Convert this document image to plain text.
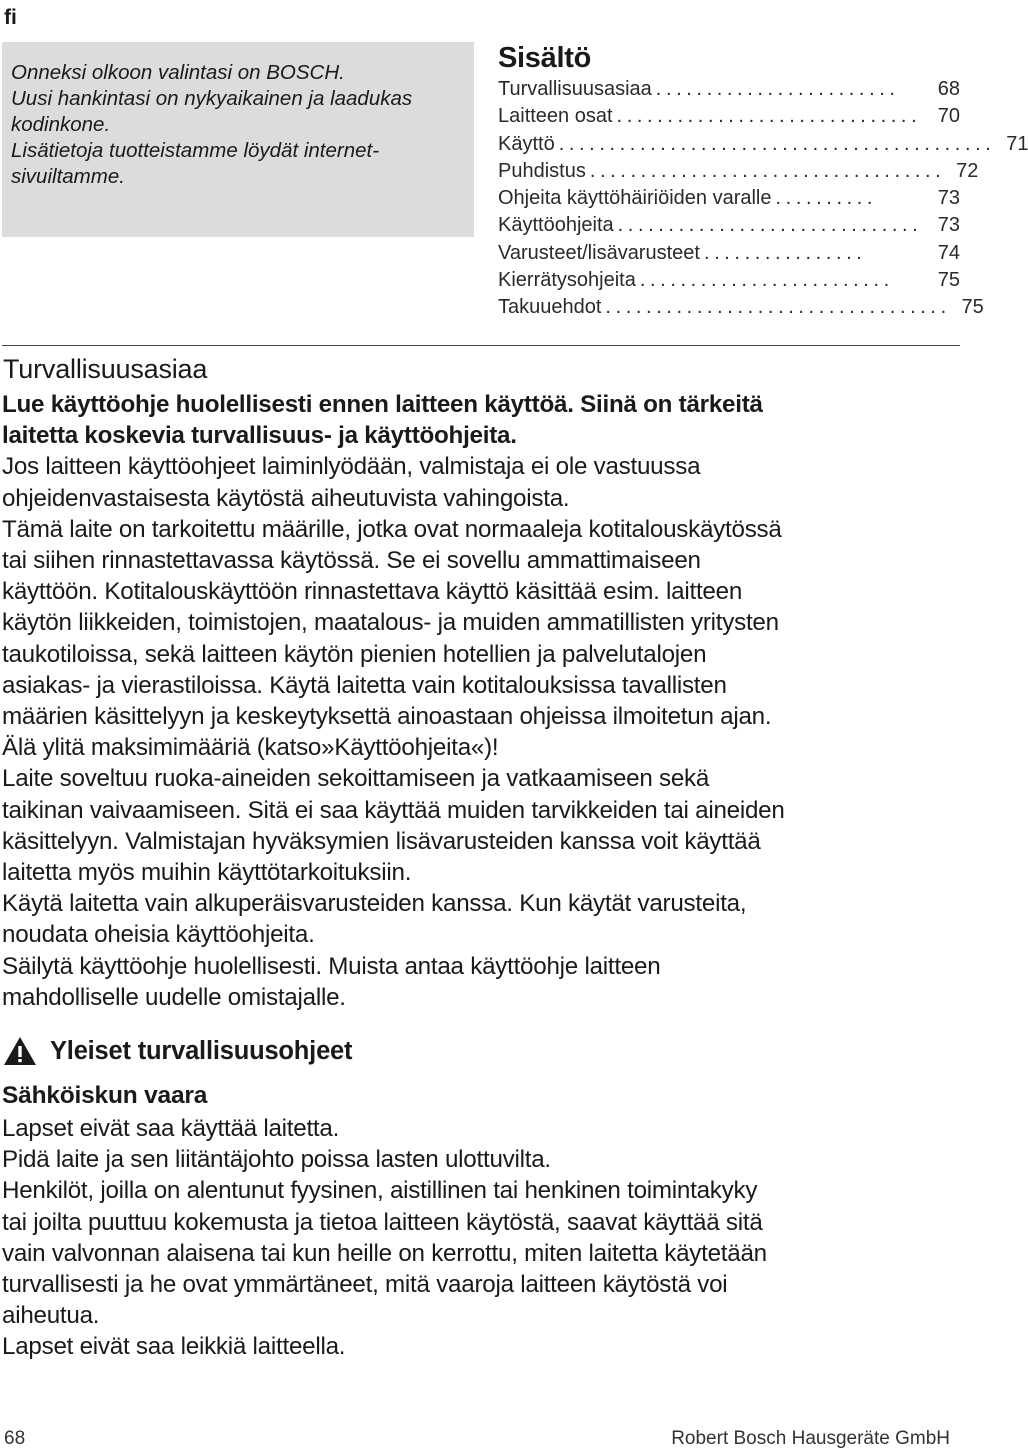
fi
Onneksi olkoon valintasi on BOSCH.
Uusi hankintasi on nykyaikainen ja laadukas
kodinkone.
Lisätietoja tuotteistamme löydät internet-
sivuiltamme.
Sisältö
Turvallisuusasiaa ........................	68
Laitteen osat .............................. 70
Käyttö ........................................... 71
Puhdistus ................................... 72
Ohjeita käyttöhäiriöiden varalle ..........	73
Käyttöohjeita .............................. 73
Varusteet/lisävarusteet ................	74
Kierrätysohjeita .........................	75
Takuuehdot .................................. 75
Turvallisuusasiaa

Lue käyttöohje huolellisesti ennen laitteen käyttöä. Siinä on tärkeitä

laitetta koskevia turvallisuus- ja käyttöohjeita.

Jos laitteen käyttöohjeet laiminlyödään, valmistaja ei ole vastuussa

ohjeidenvastaisesta käytöstä aiheutuvista vahingoista.

Tämä laite on tarkoitettu määrille, jotka ovat normaaleja kotitalouskäytössä

tai siihen rinnastettavassa käytössä. Se ei sovellu ammattimaiseen

käyttöön. Kotitalouskäyttöön rinnastettava käyttö käsittää esim. laitteen

käytön liikkeiden, toimistojen, maatalous- ja muiden ammatillisten yritysten

taukotiloissa, sekä laitteen käytön pienien hotellien ja palvelutalojen

asiakas- ja vierastiloissa. Käytä laitetta vain kotitalouksissa tavallisten

määrien käsittelyyn ja keskeytyksettä ainoastaan ohjeissa ilmoitetun ajan.

Älä ylitä maksimimääriä (katso»Käyttöohjeita«)!

Laite soveltuu ruoka-aineiden sekoittamiseen ja vatkaamiseen sekä

taikinan vaivaamiseen. Sitä ei saa käyttää muiden tarvikkeiden tai aineiden

käsittelyyn. Valmistajan hyväksymien lisävarusteiden kanssa voit käyttää

laitetta myös muihin käyttötarkoituksiin.

Käytä laitetta vain alkuperäisvarusteiden kanssa. Kun käytät varusteita,

noudata oheisia käyttöohjeita.

Säilytä käyttöohje huolellisesti. Muista antaa käyttöohje laitteen

mahdolliselle uudelle omistajalle.

Yleiset turvallisuusohjeet
Sähköiskun vaara

Lapset eivät saa käyttää laitetta.

Pidä laite ja sen liitäntäjohto poissa lasten ulottuvilta.

Henkilöt, joilla on alentunut fyysinen, aistillinen tai henkinen toimintakyky

tai joilta puuttuu kokemusta ja tietoa laitteen käytöstä, saavat käyttää sitä

vain valvonnan alaisena tai kun heille on kerrottu, miten laitetta käytetään

turvallisesti ja he ovat ymmärtäneet, mitä vaaroja laitteen käytöstä voi

aiheutua.

Lapset eivät saa leikkiä laitteella.

68	Robert Bosch Hausgeräte GmbH
